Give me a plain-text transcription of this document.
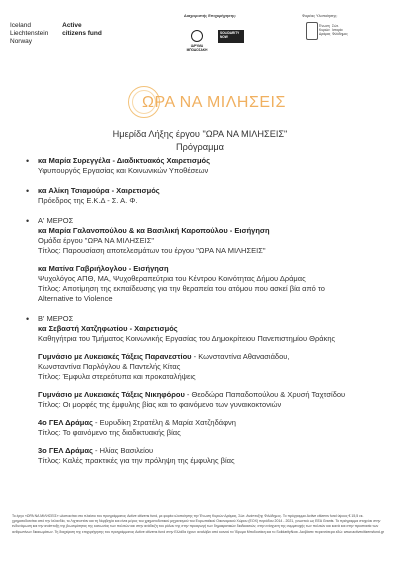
Iceland
Liechtenstein
Norway

Active
citizens fund
Διαχειριστής Επιχορήγησης:
ΙΔΡΥΜΑ ΜΠΟΔΟΣΑΚΗ
SOLIDARITY NOW
Φορέας Υλοποίησης:
Ένωση
Κυριών
Δράμας
Σώτ.
Ιστορία
Φιλόδημος
ΩΡΑ ΝΑ ΜΙΛΗΣΕΙΣ
Ημερίδα Λήξης έργου "ΩΡΑ ΝΑ ΜΙΛΗΣΕΙΣ"
Πρόγραμμα
• κα Μαρία Συρεγγέλα - Διαδικτυακός Χαιρετισμός
Υφυπουργός Εργασίας και Κοινωνικών Υποθέσεων
• κα Αλίκη Τσιαμούρα - Χαιρετισμός
Πρόεδρος της Ε.Κ.Δ - Σ. Α. Φ.
• Α' ΜΕΡΟΣ
κα Μαρία Γαλανοπούλου & κα Βασιλική Καροπούλου - Εισήγηση
Ομάδα έργου "ΩΡΑ ΝΑ ΜΙΛΗΣΕΙΣ"
Τίτλος: Παρουσίαση αποτελεσμάτων του έργου "ΩΡΑ ΝΑ ΜΙΛΗΣΕΙΣ"
κα Ματίνα Γαβριήλογλου - Εισήγηση
Ψυχολόγος ΑΠΘ, ΜΑ, Ψυχοθεραπεύτρια του Κέντρου Κοινότητας Δήμου Δράμας
Τίτλος: Αποτίμηση της εκπαίδευσης για την θεραπεία του ατόμου που ασκεί βία από το
Alternative to Violence
• Β' ΜΕΡΟΣ
κα Σεβαστή Χατζηφωτίου - Χαιρετισμός
Καθηγήτρια του Τμήματος Κοινωνικής Εργασίας του Δημοκρίτειου Πανεπιστημίου Θράκης
Γυμνάσιο με Λυκειακές Τάξεις Παρανεστίου - Κωνσταντίνα Αθανασιάδου,
Κωνσταντίνα Παρλόγλου & Παντελής Κίτας
Τίτλος: Έμφυλα στερεότυπα και προκαταλήψεις
Γυμνάσιο με Λυκειακές Τάξεις Νικηφόρου - Θεοδώρα Παπαδοπούλου & Χρυσή Ταχτσίδου
Τίτλος: Οι μορφές της έμφυλης βίας και το φαινόμενο των γυναικοκτονιών
4ο ΓΕΛ Δράμας - Ευρυδίκη Στρατέλη & Μαρία Χατζηδάφνη
Τίτλος: Το φαινόμενο της διαδικτυακής βίας
3ο ΓΕΛ Δράμας - Ηλίας Βασιλείου
Τίτλος: Καλές πρακτικές για την πρόληψη της έμφυλης βίας
Το έργο «ΩΡΑ ΝΑ ΜΙΛΗΣΕΙΣ» υλοποιείται στο πλαίσιο του προγράμματος Active citizens fund, με φορέα υλοποίησης την Ένωση Κυριών Δράμας, Σώτ. Ανάπτυξης Φιλόδημος. Το πρόγραμμα Active citizens fund ύψους € 15,5 εκ. χρηματοδοτείται από την Ισλανδία, το Λιχτενστάιν και τη Νορβηγία και είναι μέρος του χρηματοδοτικού μηχανισμού του Ευρωπαϊκού Οικονομικού Χώρου (ΕΟΧ) περιόδου 2014 - 2021, γνωστού ως EEA Grants. Το πρόγραμμα στοχεύει στην ενδυνάμωση και την ανάπτυξη της βιωσιμότητας της κοινωνίας των πολιτών και στην ανάδειξη του ρόλου της στην προαγωγή των δημοκρατικών διαδικασιών, στην ενίσχυση της συμμετοχής των πολιτών και κοινά και στην προστασία των ανθρωπίνων δικαιωμάτων. Τη διαχείριση της επιχορήγησης του προγράμματος Active citizens fund στην Ελλάδα έχουν αναλάβει από κοινού τα Ίδρυμα Μποδοσάκη και το SolidarityNow. Διαβάστε περισσότερα εδώ: www.activecitizensfund.gr
